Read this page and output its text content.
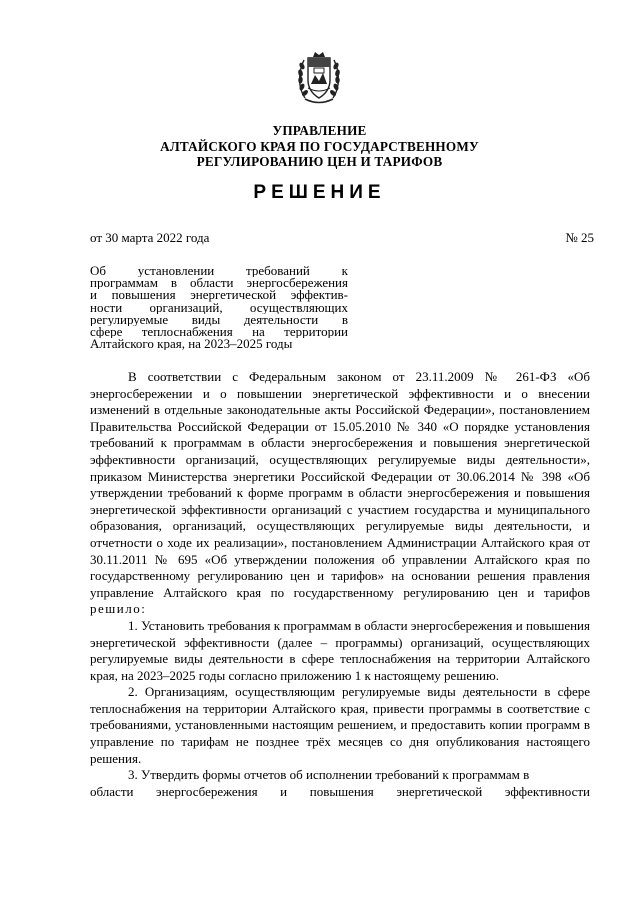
УПРАВЛЕНИЕ
АЛТАЙСКОГО КРАЯ ПО ГОСУДАРСТВЕННОМУ
РЕГУЛИРОВАНИЮ ЦЕН И ТАРИФОВ
РЕШЕНИЕ
от 30 марта 2022 года	№ 25
Об установлении требований к
программам в области энергосбережения
и повышения энергетической эффектив-
ности организаций, осуществляющих
регулируемые виды деятельности в
сфере теплоснабжения на территории
Алтайского края, на 2023–2025 годы

В соответствии с Федеральным законом от 23.11.2009 № 261-ФЗ «Об энергосбережении и о повышении энергетической эффективности и о внесении изменений в отдельные законодательные акты Российской Федерации», постановлением Правительства Российской Федерации от 15.05.2010 № 340 «О порядке установления требований к программам в области энергосбережения и повышения энергетической эффективности организаций, осуществляющих регулируемые виды деятельности», приказом Министерства энергетики Российской Федерации от 30.06.2014 № 398 «Об утверждении требований к форме программ в области энергосбережения и повышения энергетической эффективности организаций с участием государства и муниципального образования, организаций, осуществляющих регулируемые виды деятельности, и отчетности о ходе их реализации», постановлением Администрации Алтайского края от 30.11.2011 № 695 «Об утверждении положения об управлении Алтайского края по государственному регулированию цен и тарифов» на основании решения правления управление Алтайского края по государственному регулированию цен и тарифов решило:

1. Установить требования к программам в области энергосбережения и повышения энергетической эффективности (далее – программы) организаций, осуществляющих регулируемые виды деятельности в сфере теплоснабжения на территории Алтайского края, на 2023–2025 годы согласно приложению 1 к настоящему решению.

2. Организациям, осуществляющим регулируемые виды деятельности в сфере теплоснабжения на территории Алтайского края, привести программы в соответствие с требованиями, установленными настоящим решением, и предоставить копии программ в управление по тарифам не позднее трёх месяцев со дня опубликования настоящего решения.

3. Утвердить формы отчетов об исполнении требований к программам в

области энергосбережения и повышения энергетической эффективности
